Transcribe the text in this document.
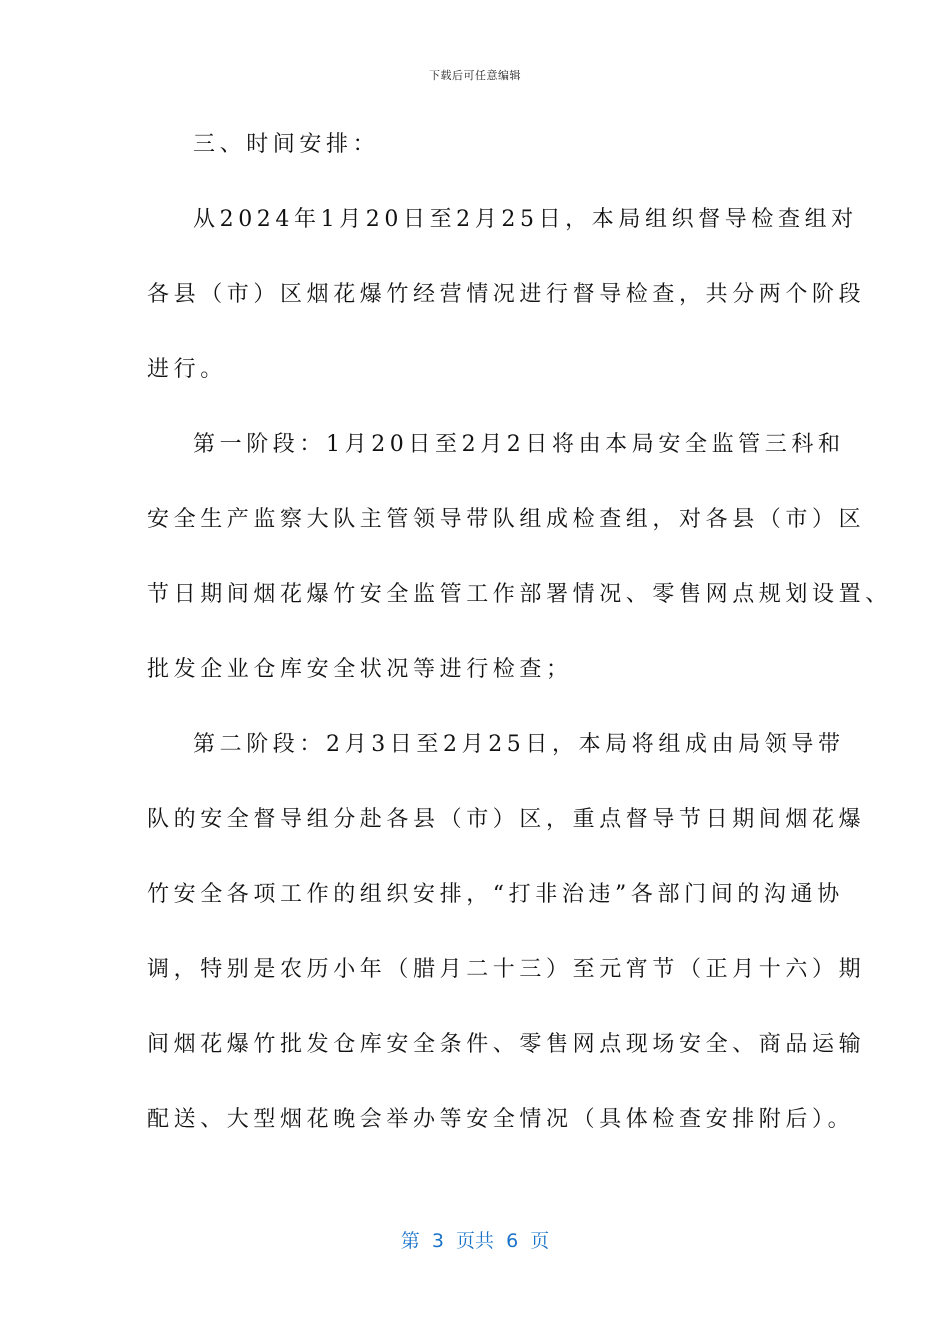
下载后可任意编辑

三、时间安排：

从2024年1月20日至2月25日，本局组织督导检查组对

各县（市）区烟花爆竹经营情况进行督导检查，共分两个阶段

进行。

第一阶段：1月20日至2月2日将由本局安全监管三科和

安全生产监察大队主管领导带队组成检查组，对各县（市）区

节日期间烟花爆竹安全监管工作部署情况、零售网点规划设置、

批发企业仓库安全状况等进行检查；

第二阶段：2月3日至2月25日，本局将组成由局领导带

队的安全督导组分赴各县（市）区，重点督导节日期间烟花爆

竹安全各项工作的组织安排，“打非治违”各部门间的沟通协

调，特别是农历小年（腊月二十三）至元宵节（正月十六）期

间烟花爆竹批发仓库安全条件、零售网点现场安全、商品运输

配送、大型烟花晚会举办等安全情况（具体检查安排附后）。

第  3  页共  6  页
